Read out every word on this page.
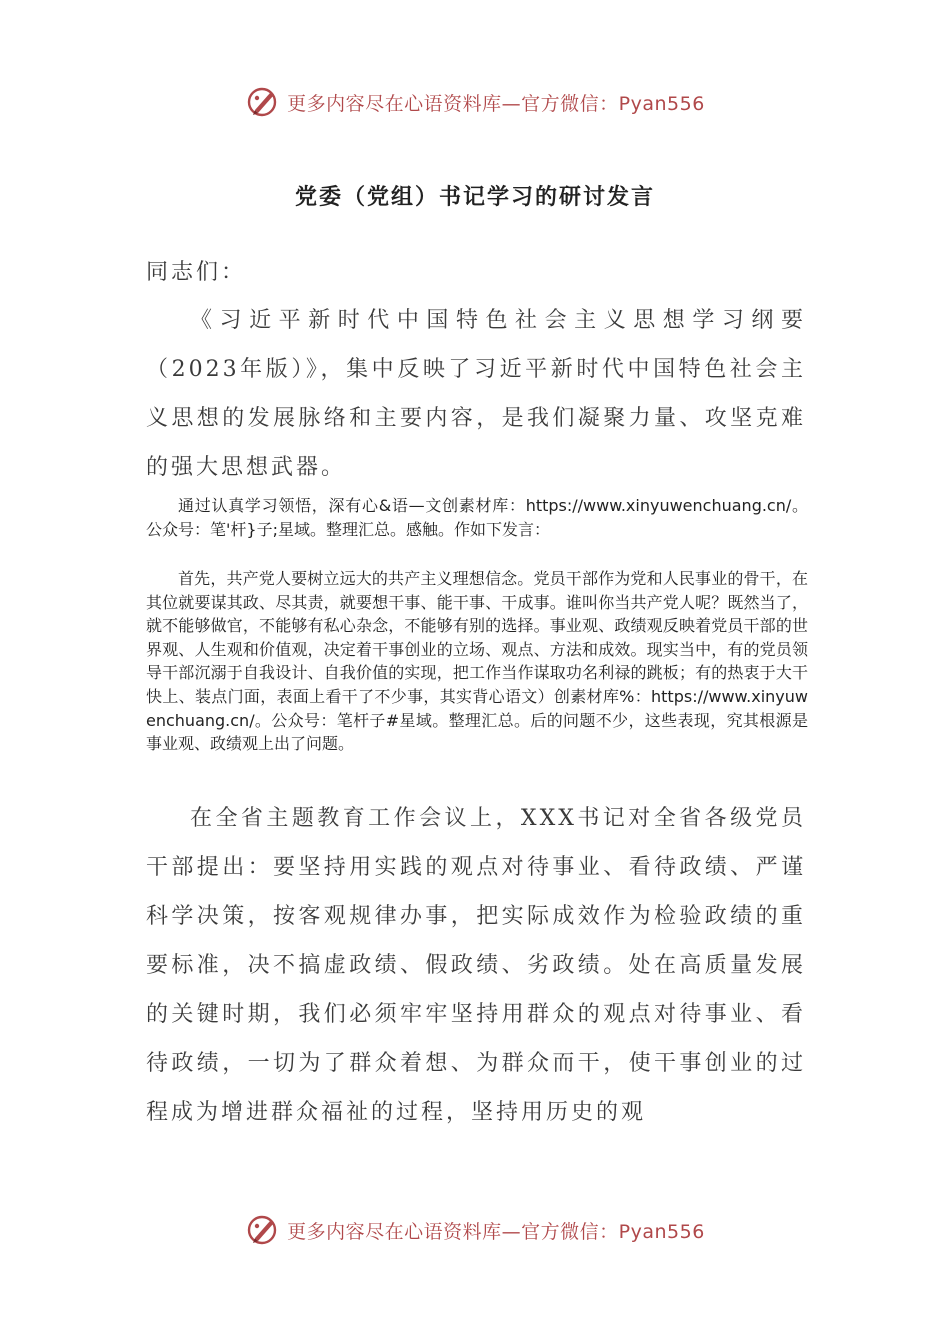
更多内容尽在心语资料库—官方微信：Pyan556
党委（党组）书记学习的研讨发言

同志们：

《习近平新时代中国特色社会主义思想学习纲要（2023年版）》，集中反映了习近平新时代中国特色社会主义思想的发展脉络和主要内容，是我们凝聚力量、攻坚克难的强大思想武器。

通过认真学习领悟，深有心&语—文创素材库：https://www.xinyuwenchuang.cn/。公众号：笔'杆}子;星域。整理汇总。感触。作如下发言：

首先，共产党人要树立远大的共产主义理想信念。党员干部作为党和人民事业的骨干，在其位就要谋其政、尽其责，就要想干事、能干事、干成事。谁叫你当共产党人呢？既然当了，就不能够做官，不能够有私心杂念，不能够有别的选择。事业观、政绩观反映着党员干部的世界观、人生观和价值观，决定着干事创业的立场、观点、方法和成效。现实当中，有的党员领导干部沉溺于自我设计、自我价值的实现，把工作当作谋取功名利禄的跳板；有的热衷于大干快上、装点门面，表面上看干了不少事，其实背心语文）创素材库%：https://www.xinyuwenchuang.cn/。公众号：笔杆子#星域。整理汇总。后的问题不少，这些表现，究其根源是事业观、政绩观上出了问题。

在全省主题教育工作会议上，XXX书记对全省各级党员干部提出：要坚持用实践的观点对待事业、看待政绩、严谨科学决策，按客观规律办事，把实际成效作为检验政绩的重要标准，决不搞虚政绩、假政绩、劣政绩。处在高质量发展的关键时期，我们必须牢牢坚持用群众的观点对待事业、看待政绩，一切为了群众着想、为群众而干，使干事创业的过程成为增进群众福祉的过程，坚持用历史的观

更多内容尽在心语资料库—官方微信：Pyan556
